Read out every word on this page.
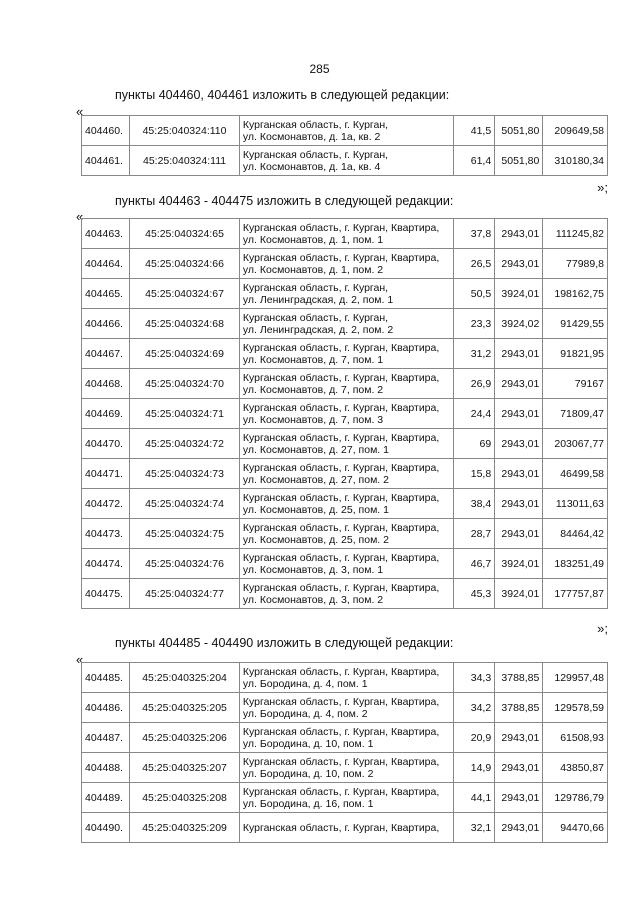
285
пункты 404460, 404461 изложить в следующей редакции:
«
404460.	45:25:040324:110	Курганская область, г. Курган,
ул. Космонавтов, д. 1а, кв. 2	41,5	5051,80	209649,58
404461.	45:25:040324:111	Курганская область, г. Курган,
ул. Космонавтов, д. 1а, кв. 4	61,4	5051,80	310180,34
»;
пункты 404463 - 404475 изложить в следующей редакции:
«
404463.	45:25:040324:65	Курганская область, г. Курган, Квартира,
ул. Космонавтов, д. 1, пом. 1	37,8	2943,01	111245,82
404464.	45:25:040324:66	Курганская область, г. Курган, Квартира,
ул. Космонавтов, д. 1, пом. 2	26,5	2943,01	77989,8
404465.	45:25:040324:67	Курганская область, г. Курган,
ул. Ленинградская, д. 2, пом. 1	50,5	3924,01	198162,75
404466.	45:25:040324:68	Курганская область, г. Курган,
ул. Ленинградская, д. 2, пом. 2	23,3	3924,02	91429,55
404467.	45:25:040324:69	Курганская область, г. Курган, Квартира,
ул. Космонавтов, д. 7, пом. 1	31,2	2943,01	91821,95
404468.	45:25:040324:70	Курганская область, г. Курган, Квартира,
ул. Космонавтов, д. 7, пом. 2	26,9	2943,01	79167
404469.	45:25:040324:71	Курганская область, г. Курган, Квартира,
ул. Космонавтов, д. 7, пом. 3	24,4	2943,01	71809,47
404470.	45:25:040324:72	Курганская область, г. Курган, Квартира,
ул. Космонавтов, д. 27, пом. 1	69	2943,01	203067,77
404471.	45:25:040324:73	Курганская область, г. Курган, Квартира,
ул. Космонавтов, д. 27, пом. 2	15,8	2943,01	46499,58
404472.	45:25:040324:74	Курганская область, г. Курган, Квартира,
ул. Космонавтов, д. 25, пом. 1	38,4	2943,01	113011,63
404473.	45:25:040324:75	Курганская область, г. Курган, Квартира,
ул. Космонавтов, д. 25, пом. 2	28,7	2943,01	84464,42
404474.	45:25:040324:76	Курганская область, г. Курган, Квартира,
ул. Космонавтов, д. 3, пом. 1	46,7	3924,01	183251,49
404475.	45:25:040324:77	Курганская область, г. Курган, Квартира,
ул. Космонавтов, д. 3, пом. 2	45,3	3924,01	177757,87
»;
пункты 404485 - 404490 изложить в следующей редакции:
«
404485.	45:25:040325:204	Курганская область, г. Курган, Квартира,
ул. Бородина, д. 4, пом. 1	34,3	3788,85	129957,48
404486.	45:25:040325:205	Курганская область, г. Курган, Квартира,
ул. Бородина, д. 4, пом. 2	34,2	3788,85	129578,59
404487.	45:25:040325:206	Курганская область, г. Курган, Квартира,
ул. Бородина, д. 10, пом. 1	20,9	2943,01	61508,93
404488.	45:25:040325:207	Курганская область, г. Курган, Квартира,
ул. Бородина, д. 10, пом. 2	14,9	2943,01	43850,87
404489.	45:25:040325:208	Курганская область, г. Курган, Квартира,
ул. Бородина, д. 16, пом. 1	44,1	2943,01	129786,79
404490.	45:25:040325:209	Курганская область, г. Курган, Квартира,	32,1	2943,01	94470,66
